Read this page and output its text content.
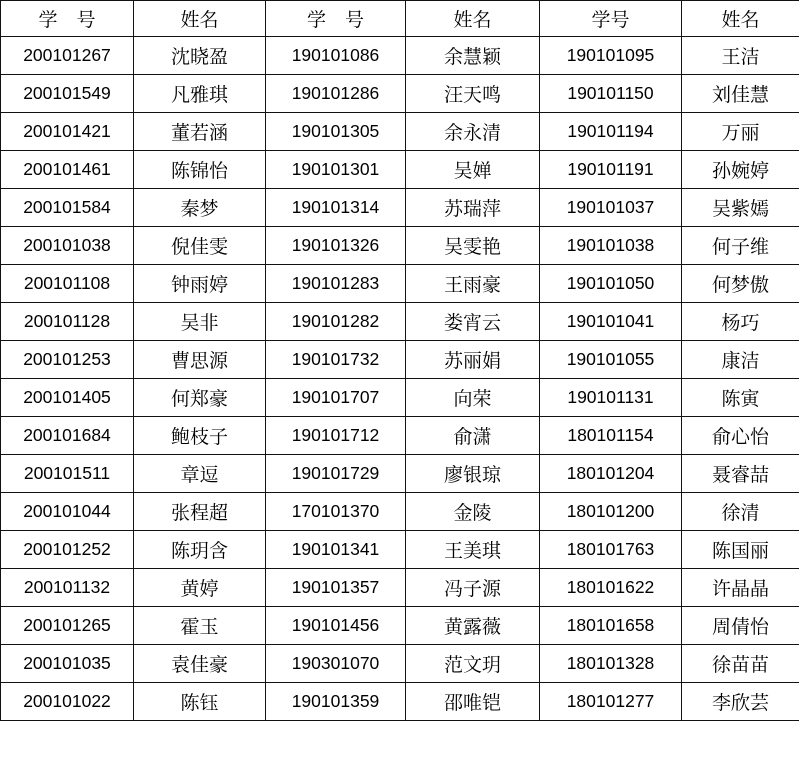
学　号	姓名	学　号	姓名	学号	姓名
200101267	沈晓盈	190101086	余慧颖	190101095	王洁
200101549	凡雅琪	190101286	汪天鸣	190101150	刘佳慧
200101421	董若涵	190101305	余永清	190101194	万丽
200101461	陈锦怡	190101301	吴婵	190101191	孙婉婷
200101584	秦梦	190101314	苏瑞萍	190101037	吴紫嫣
200101038	倪佳雯	190101326	吴雯艳	190101038	何子维
200101108	钟雨婷	190101283	王雨豪	190101050	何梦傲
200101128	吴非	190101282	娄宵云	190101041	杨巧
200101253	曹思源	190101732	苏丽娟	190101055	康洁
200101405	何郑豪	190101707	向荣	190101131	陈寅
200101684	鲍枝子	190101712	俞潇	180101154	俞心怡
200101511	章逗	190101729	廖银琼	180101204	聂睿喆
200101044	张程超	170101370	金陵	180101200	徐清
200101252	陈玥含	190101341	王美琪	180101763	陈国丽
200101132	黄婷	190101357	冯子源	180101622	许晶晶
200101265	霍玉	190101456	黄露薇	180101658	周倩怡
200101035	袁佳豪	190301070	范文玥	180101328	徐苗苗
200101022	陈钰	190101359	邵唯铠	180101277	李欣芸
